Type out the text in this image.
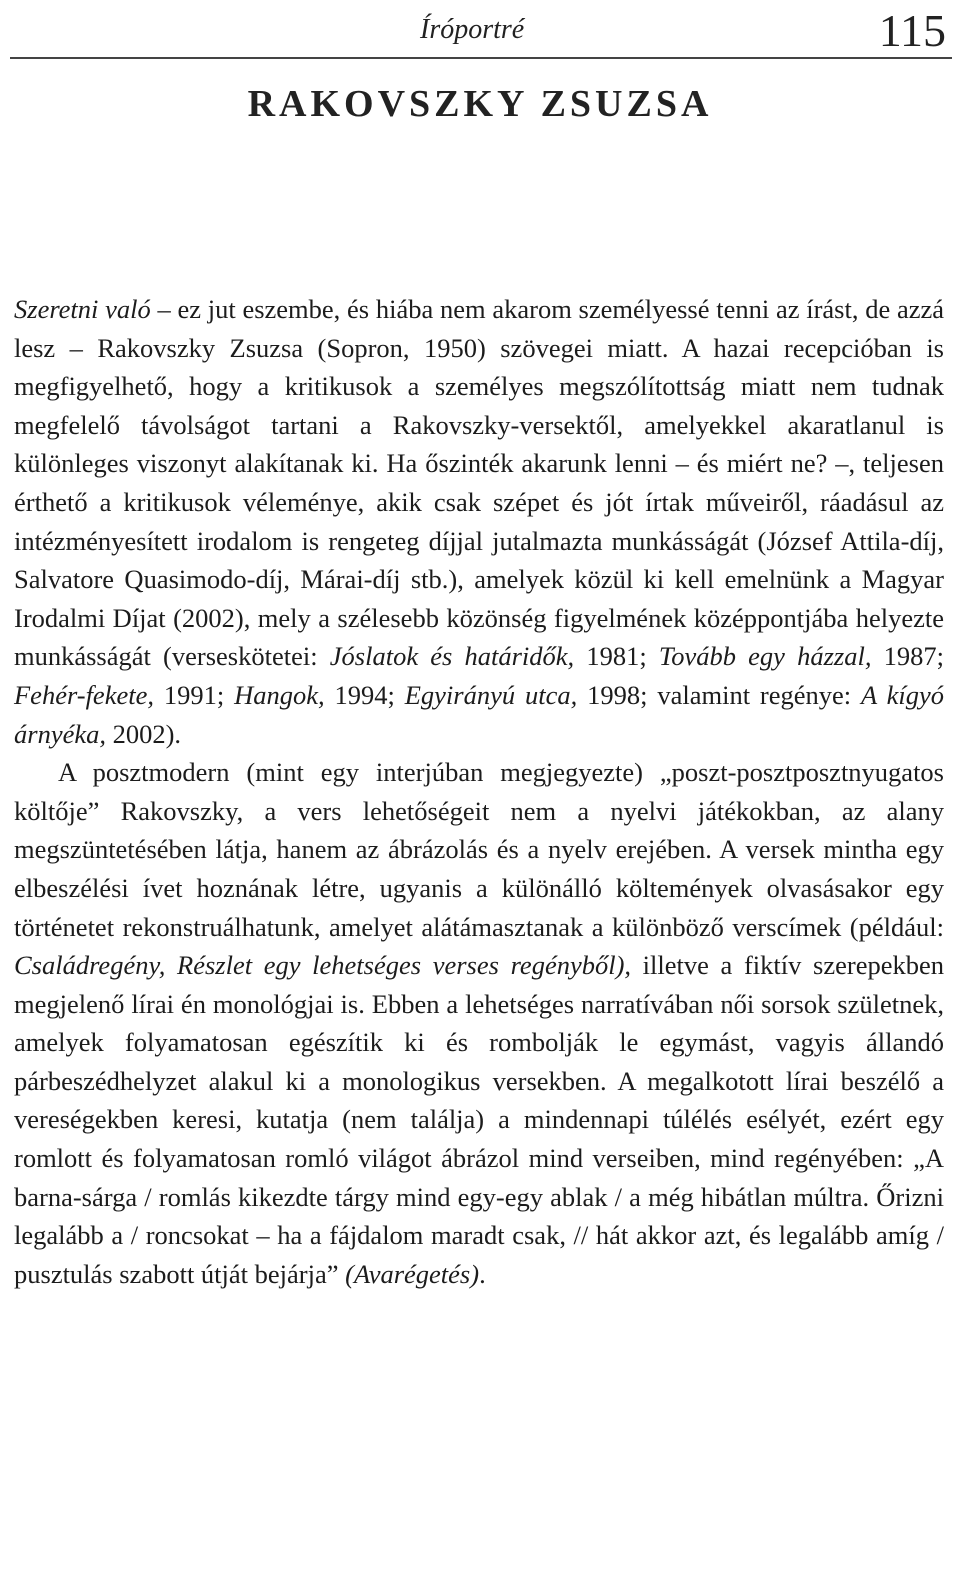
Íróportré	115
RAKOVSZKY ZSUZSA

Szeretni való – ez jut eszembe, és hiába nem akarom személyessé tenni az írást, de azzá lesz – Rakovszky Zsuzsa (Sopron, 1950) szövegei miatt. A hazai recepcióban is megfigyelhető, hogy a kritikusok a személyes megszólítottság miatt nem tudnak megfelelő távolságot tartani a Rakovszky-versektől, amelyekkel akaratlanul is különleges viszonyt alakítanak ki. Ha őszinték akarunk lenni – és miért ne? –, teljesen érthető a kritikusok véleménye, akik csak szépet és jót írtak műveiről, ráadásul az intézményesített irodalom is rengeteg díjjal jutalmazta munkásságát (József Attila-díj, Salvatore Quasimodo-díj, Márai-díj stb.), amelyek közül ki kell emelnünk a Magyar Irodalmi Díjat (2002), mely a szélesebb közönség figyelmének középpontjába helyezte munkásságát (verseskötetei: Jóslatok és határidők, 1981; Tovább egy házzal, 1987; Fehér-fekete, 1991; Hangok, 1994; Egyirányú utca, 1998; valamint regénye: A kígyó árnyéka, 2002).

A posztmodern (mint egy interjúban megjegyezte) „poszt-posztposztnyugatos költője” Rakovszky, a vers lehetőségeit nem a nyelvi játékokban, az alany megszüntetésében látja, hanem az ábrázolás és a nyelv erejében. A versek mintha egy elbeszélési ívet hoznának létre, ugyanis a különálló költemények olvasásakor egy történetet rekonstruálhatunk, amelyet alátámasztanak a különböző verscímek (például: Családregény, Részlet egy lehetséges verses regényből), illetve a fiktív szerepekben megjelenő lírai én monológjai is. Ebben a lehetséges narratívában női sorsok születnek, amelyek folyamatosan egészítik ki és rombolják le egymást, vagyis állandó párbeszédhelyzet alakul ki a monologikus versekben. A megalkotott lírai beszélő a vereségekben keresi, kutatja (nem találja) a mindennapi túlélés esélyét, ezért egy romlott és folyamatosan romló világot ábrázol mind verseiben, mind regényében: „A barna-sárga / romlás kikezdte tárgy mind egy-egy ablak / a még hibátlan múltra. Őrizni legalább a / roncsokat – ha a fájdalom maradt csak, // hát akkor azt, és legalább amíg / pusztulás szabott útját bejárja” (Avarégetés).
